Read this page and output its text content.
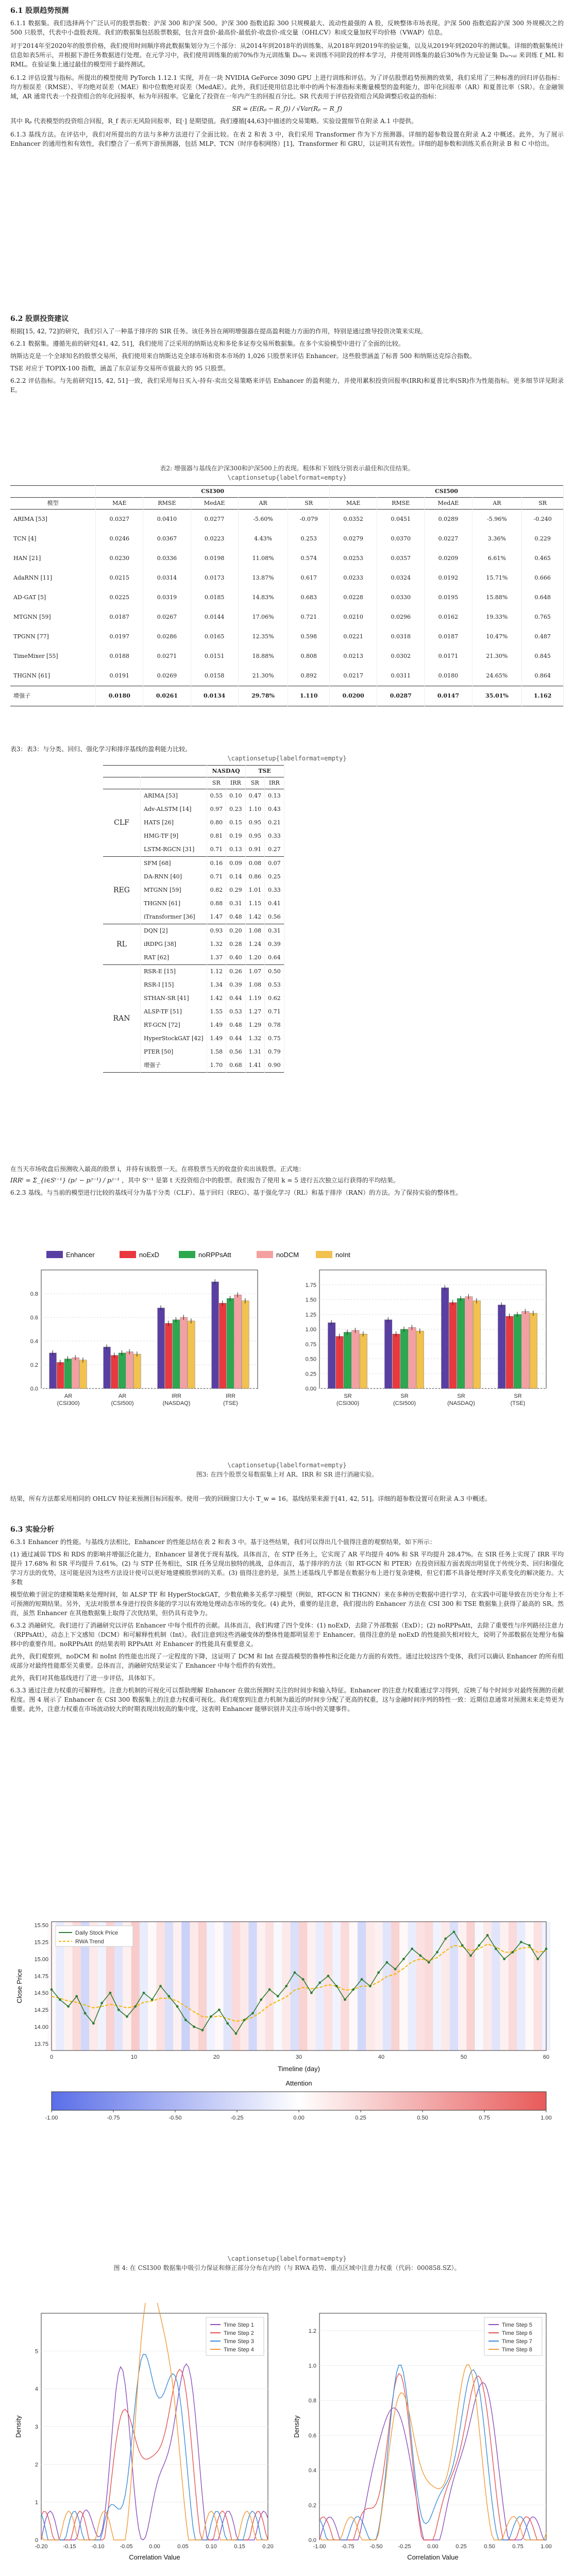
6.1 股票趋势预测
6.1.1 数据集。我们选择两个广泛认可的股票指数：沪深 300 和沪深 500。沪深 300 指数追踪 300 只规模最大、流动性最强的 A 股，反映整体市场表现。沪深 500 指数追踪沪深 300 外规模次之的 500 只股票，代表中小盘股表现。我们的数据集包括股票数据，包含开盘价-最高价-最低价-收盘价-成交量（OHLCV）和成交量加权平均价格（VWAP）信息。
对于2014年至2020年的股票价格，我们使用时间顺序将此数据集划分为三个部分：从2014年到2018年的训练集、从2018年到2019年的验证集，以及从2019年到2020年的测试集。详细的数据集统计信息如表5所示，并根据下游任务数据进行处理。在元学习中，我们使用训练集的前70%作为元训练集 Dₘ-ₜᵣ 来训练不同阶段的样本学习，并使用训练集的最后30%作为元验证集 Dₘ-ᵥₐₗ 来训练 f_ML 和 RML。在验证集上通过最佳的模型用于最终测试。
6.1.2 评估设置与指标。所提出的模型使用 PyTorch 1.12.1 实现，并在一块 NVIDIA GeForce 3090 GPU 上进行训练和评估。为了评估股票趋势预测的效果，我们采用了三种标准的回归评估指标：均方根误差（RMSE）、平均绝对误差（MAE）和中位数绝对误差（MedAE）。此外，我们还使用信息比率中的两个标准指标来衡量模型的盈利能力，即年化回报率（AR）和夏普比率（SR）。在金融领域，AR 通常代表一个投资组合的年化回报率，标为年回报率。它量化了投资在一年内产生的回报百分比。SR 代表用于评估投资组合风险调整后收益的指标：
SR = (E(Rₚ − R_f)) / √Var(Rₚ − R_f)
其中 Rₚ 代表模型的投资组合回报，R_f 表示无风险回报率，E[·] 是期望值。我们遵循[44,63]中描述的交易策略。实验设置细节在附录 A.1 中提供。
6.1.3 基线方法。在评估中，我们对所提出的方法与多种方法进行了全面比较。在表 2 和表 3 中，我们采用 Transformer 作为下方预测器。详细的超参数设置在附录 A.2 中概述。此外，为了展示 Enhancer 的通用性和有效性，我们整合了一系列下游预测器，包括 MLP、TCN（时序卷积网络）[1]、Transformer 和 GRU，以证明其有效性。详细的超参数和训练关系在附录 B 和 C 中给出。
6.2 股票投资建议
根据[15, 42, 72]的研究，我们引入了一种基于排序的 SIR 任务。该任务旨在阐明增强器在提高盈利能力方面的作用，特别是通过推导投资决策来实现。
6.2.1 数据集。遵循先前的研究[41, 42, 51]，我们使用了泛采用的纳斯达克和多伦多证券交易所数据集。在多个实验模型中进行了全面的比较。
纳斯达克是一个全球知名的股票交易所，我们使用来自纳斯达克全球市场和资本市场的 1,026 只股票来评估 Enhancer。这些股票涵盖了标普 500 和纳斯达克综合指数。
TSE 对应于 TOPIX-100 指数，涵盖了东京证券交易所市值最大的 95 只股票。
6.2.2 评估指标。与先前研究[15, 42, 51]一致，我们采用每日买入-持有-卖出交易策略来评估 Enhancer 的盈利能力，并使用累积投资回报率(IRR)和夏普比率(SR)作为性能指标。更多细节详见附录 E。
表2: 增强器与基线在沪深300和沪深500上的表现。粗体和下划线分别表示最佳和次佳结果。
\captionsetup{labelformat=empty}
	CSI300					CSI500				
模型	MAE	RMSE	MedAE	AR	SR	MAE	RMSE	MedAE	AR	SR
ARIMA [53]	0.0327	0.0410	0.0277	-5.60%	-0.079	0.0352	0.0451	0.0289	-5.96%	-0.240
TCN [4]	0.0246	0.0367	0.0223	4.43%	0.253	0.0279	0.0370	0.0227	3.36%	0.229
HAN [21]	0.0230	0.0336	0.0198	11.08%	0.574	0.0253	0.0357	0.0209	6.61%	0.465
AdaRNN [11]	0.0215	0.0314	0.0173	13.87%	0.617	0.0233	0.0324	0.0192	15.71%	0.666
AD-GAT [5]	0.0225	0.0319	0.0185	14.83%	0.683	0.0228	0.0330	0.0195	15.88%	0.648
MTGNN [59]	0.0187	0.0267	0.0144	17.06%	0.721	0.0210	0.0296	0.0162	19.33%	0.765
TPGNN [77]	0.0197	0.0286	0.0165	12.35%	0.598	0.0221	0.0318	0.0187	10.47%	0.487
TimeMixer [55]	0.0188	0.0271	0.0151	18.88%	0.808	0.0213	0.0302	0.0171	21.30%	0.845
THGNN [61]	0.0191	0.0269	0.0158	21.30%	0.892	0.0217	0.0311	0.0180	24.65%	0.864
增强子	0.0180	0.0261	0.0134	29.78%	1.110	0.0200	0.0287	0.0147	35.01%	1.162
表3：表3：与分类、回归、强化学习和排序基线的盈利能力比较。
\captionsetup{labelformat=empty}
		NASDAQ		TSE	
		SR	IRR	SR	IRR
CLF	ARIMA [53]	0.55	0.10	0.47	0.13
	Adv-ALSTM [14]	0.97	0.23	1.10	0.43
	HATS [26]	0.80	0.15	0.95	0.21
	HMG-TF [9]	0.81	0.19	0.95	0.33
	LSTM-RGCN [31]	0.71	0.13	0.91	0.27
REG	SFM [68]	0.16	0.09	0.08	0.07
	DA-RNN [40]	0.71	0.14	0.86	0.25
	MTGNN [59]	0.82	0.29	1.01	0.33
	THGNN [61]	0.88	0.31	1.15	0.41
	iTransformer [36]	1.47	0.48	1.42	0.56
RL	DQN [2]	0.93	0.20	1.08	0.31
	iRDPG [38]	1.32	0.28	1.24	0.39
	RAT [62]	1.37	0.40	1.20	0.64
RAN	RSR-E [15]	1.12	0.26	1.07	0.50
	RSR-I [15]	1.34	0.39	1.08	0.53
	STHAN-SR [41]	1.42	0.44	1.19	0.62
	ALSP-TF [51]	1.55	0.53	1.27	0.71
	RT-GCN [72]	1.49	0.48	1.29	0.78
	HyperStockGAT [42]	1.49	0.44	1.32	0.75
	PTER [50]	1.58	0.56	1.31	0.79
	增强子	1.70	0.68	1.41	0.90
在当天市场收盘后预测收入最高的股票 i，并持有该股票一天。在将股票当天的收盘价卖出该股票。正式地：
IRRᵗ = Σ_{i∈Sᵗ⁻¹} (pᵢᵗ − pᵢᵗ⁻¹) / pᵢᵗ⁻¹ ，其中 Sᵗ⁻¹ 是第 t 天投资组合中的股票。我们报告了使用 k = 5 进行五次独立运行获得的平均结果。
6.2.3 基线。与当前的模型进行比较的基线可分为基于分类（CLF）、基于回归（REG）、基于强化学习（RL）和基于排序（RAN）的方法。为了保持实验的整体性。
Enhancer	noExD	noRPPsAtt	noDCM	noInt
0.0
0.2
0.4
0.6
0.8
AR
(CSI300)
AR
(CSI500)
IRR
(NASDAQ)
IRR
(TSE)
0.00
0.25
0.50
0.75
1.00
1.25
1.50
1.75
SR
(CSI300)
SR
(CSI500)
SR
(NASDAQ)
SR
(TSE)
\captionsetup{labelformat=empty}
图3: 在四个股票交易数据集上对 AR、IRR 和 SR 进行消融实验。
结果，所有方法都采用相同的 OHLCV 特征来预测目标回报率。使用一致的回顾窗口大小 T_w = 16。基线结果来源于[41, 42, 51]。详细的超参数设置可在附录 A.3 中概述。
6.3 实验分析
6.3.1 Enhancer 的性能。与基线方法相比，Enhancer 的性能总结在表 2 和表 3 中。基于这些结果，我们可以得出几个值得注意的观察结果，如下所示：
(1) 通过减弱 TDS 和 RDS 的影响并增强泛化能力，Enhancer 显著优于现有基线。具体而言，在 STP 任务上，它实现了 AR 平均提升 40% 和 SR 平均提升 28.47%。在 SIR 任务上实现了 IRR 平均提升 17.68% 和 SR 平均提升 7.61%。(2) 与 STP 任务相比，SIR 任务呈现出独特的挑战，总体而言，基于排序的方法（如 RT-GCN 和 PTER）在投资回报方面表现出明显优于传统分类、回归和强化学习方法的优势，这可能是因为这些方法设计使可以更好地建模股票间的关系。(3) 值得注意的是，虽然上述基线几乎都是在数据分布上进行复杂建模，但它们都不具备处理时序关系变化的解决能力。大多数
模型依赖于固定的建模策略来处理时间，如 ALSP TF 和 HyperStockGAT，少数依赖多关系学习模型（例如，RT-GCN 和 THGNN）来在多种历史数据中进行学习，在实践中可能导致在历史分布上不可预测的短期结果。另外，无法对股票本身进行投资多能的学习以有效地处理动态市场的变化。(4) 此外，重要的是注意，我们提出的 Enhancer 方法在 CSI 300 和 TSE 数据集上获得了最高的 SR。然而，虽然 Enhancer 在其他数据集上取得了次优结果，但仍具有竞争力。
6.3.2 消融研究。我们进行了消融研究以评估 Enhancer 中每个组件的贡献。具体而言，我们构建了四个变体：(1) noExD，去除了外部数据（ExD）；(2) noRPPsAtt，去除了重要性与序列路径注意力（RPPsAtt），动态上下文感知（DCM）和可解释性机制（Int）。我们注意到这些消融变体的整体性能都明显差于 Enhancer。值得注意的是 noExD 的性能损失相对较大，说明了外部数据在处理分布偏移中的重要作用。noRPPsAtt 的结果表明 RPPsAtt 对 Enhancer 的性能具有重要意义。
此外，我们观察到，noDCM 和 noInt 的性能也出现了一定程度的下降，这证明了 DCM 和 Int 在提高模型的鲁棒性和泛化能力方面的有效性。通过比较这四个变体，我们可以确认 Enhancer 的所有组成部分对最终性能都至关重要。总体而言，消融研究结果证实了 Enhancer 中每个组件的有效性。
此外，我们对其他基线进行了进一步评估，具体如下。
6.3.3 通过注意力权重的可解释性。注意力机制的可视化可以帮助理解 Enhancer 在做出预测时关注的时间步和输入特征。Enhancer 的注意力权重通过学习得到，反映了每个时间步对最终预测的贡献程度。图 4 展示了 Enhancer 在 CSI 300 数据集上的注意力权重可视化。我们观察到注意力机制为最近的时间步分配了更高的权重，这与金融时间序列的特性一致：近期信息通常对预测未来走势更为重要。此外，注意力权重在市场波动较大的时期表现出较高的集中度，这表明 Enhancer 能够识别并关注市场中的关键事件。
13.75
14.00
14.25
14.50
14.75
15.00
15.25
15.50
0	10	20	30	40	50	60
Daily Stock Price
RWA Trend
Close Price
Timeline (day)
Attention
-1.00	-0.75	-0.50	-0.25	0.00	0.25	0.50	0.75	1.00
\captionsetup{labelformat=empty}
图 4: 在 CSI300 数据集中吸引力保证和修正部分分布在内的（与 RWA 趋势、重点区域中注意力权重（代码：000858.SZ）。
0
1
2
3
4
5
-0.20	-0.15	-0.10	-0.05	0.00	0.05	0.10	0.15	0.20
Density
Correlation Value
Time Step 1
Time Step 2
Time Step 3
Time Step 4
0.0
0.2
0.4
0.6
0.8
1.0
1.2
-1.00	-0.75	-0.50	-0.25	0.00	0.25	0.50	0.75	1.00
Density
Correlation Value
Time Step 5
Time Step 6
Time Step 7
Time Step 8
